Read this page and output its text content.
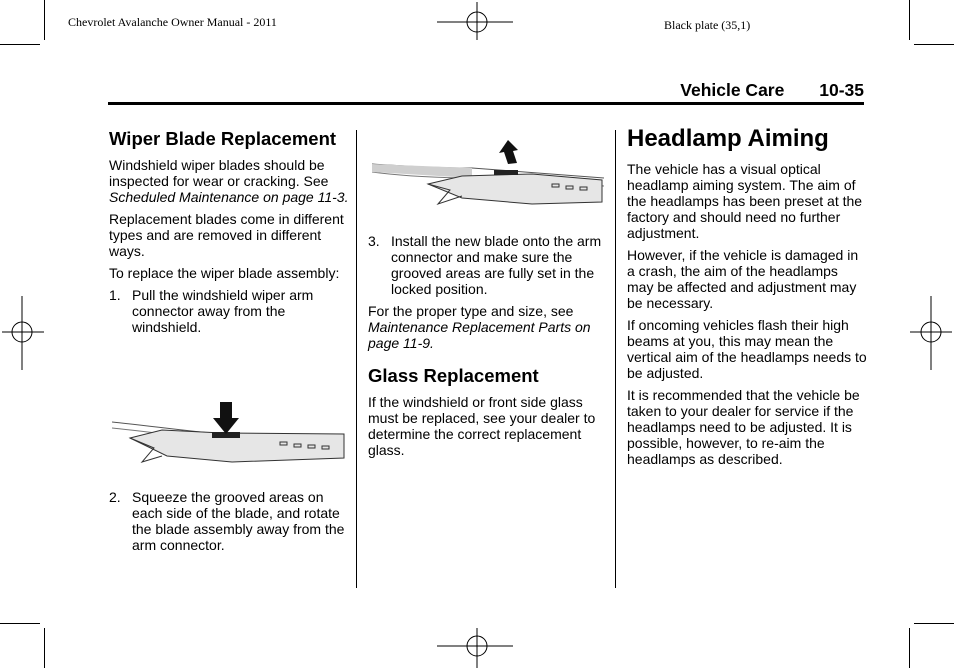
Chevrolet Avalanche Owner Manual - 2011	Black plate (35,1)
Vehicle Care 10-35
Wiper Blade Replacement

Windshield wiper blades should be inspected for wear or cracking. See Scheduled Maintenance on page 11-3.

Replacement blades come in different types and are removed in different ways.

To replace the wiper blade assembly:

1. Pull the windshield wiper arm connector away from the windshield.
2. Squeeze the grooved areas on each side of the blade, and rotate the blade assembly away from the arm connector.
3. Install the new blade onto the arm connector and make sure the grooved areas are fully set in the locked position.

For the proper type and size, see Maintenance Replacement Parts on page 11-9.

Glass Replacement

If the windshield or front side glass must be replaced, see your dealer to determine the correct replacement glass.

Headlamp Aiming

The vehicle has a visual optical headlamp aiming system. The aim of the headlamps has been preset at the factory and should need no further adjustment.

However, if the vehicle is damaged in a crash, the aim of the headlamps may be affected and adjustment may be necessary.

If oncoming vehicles flash their high beams at you, this may mean the vertical aim of the headlamps needs to be adjusted.

It is recommended that the vehicle be taken to your dealer for service if the headlamps need to be adjusted. It is possible, however, to re-aim the headlamps as described.
